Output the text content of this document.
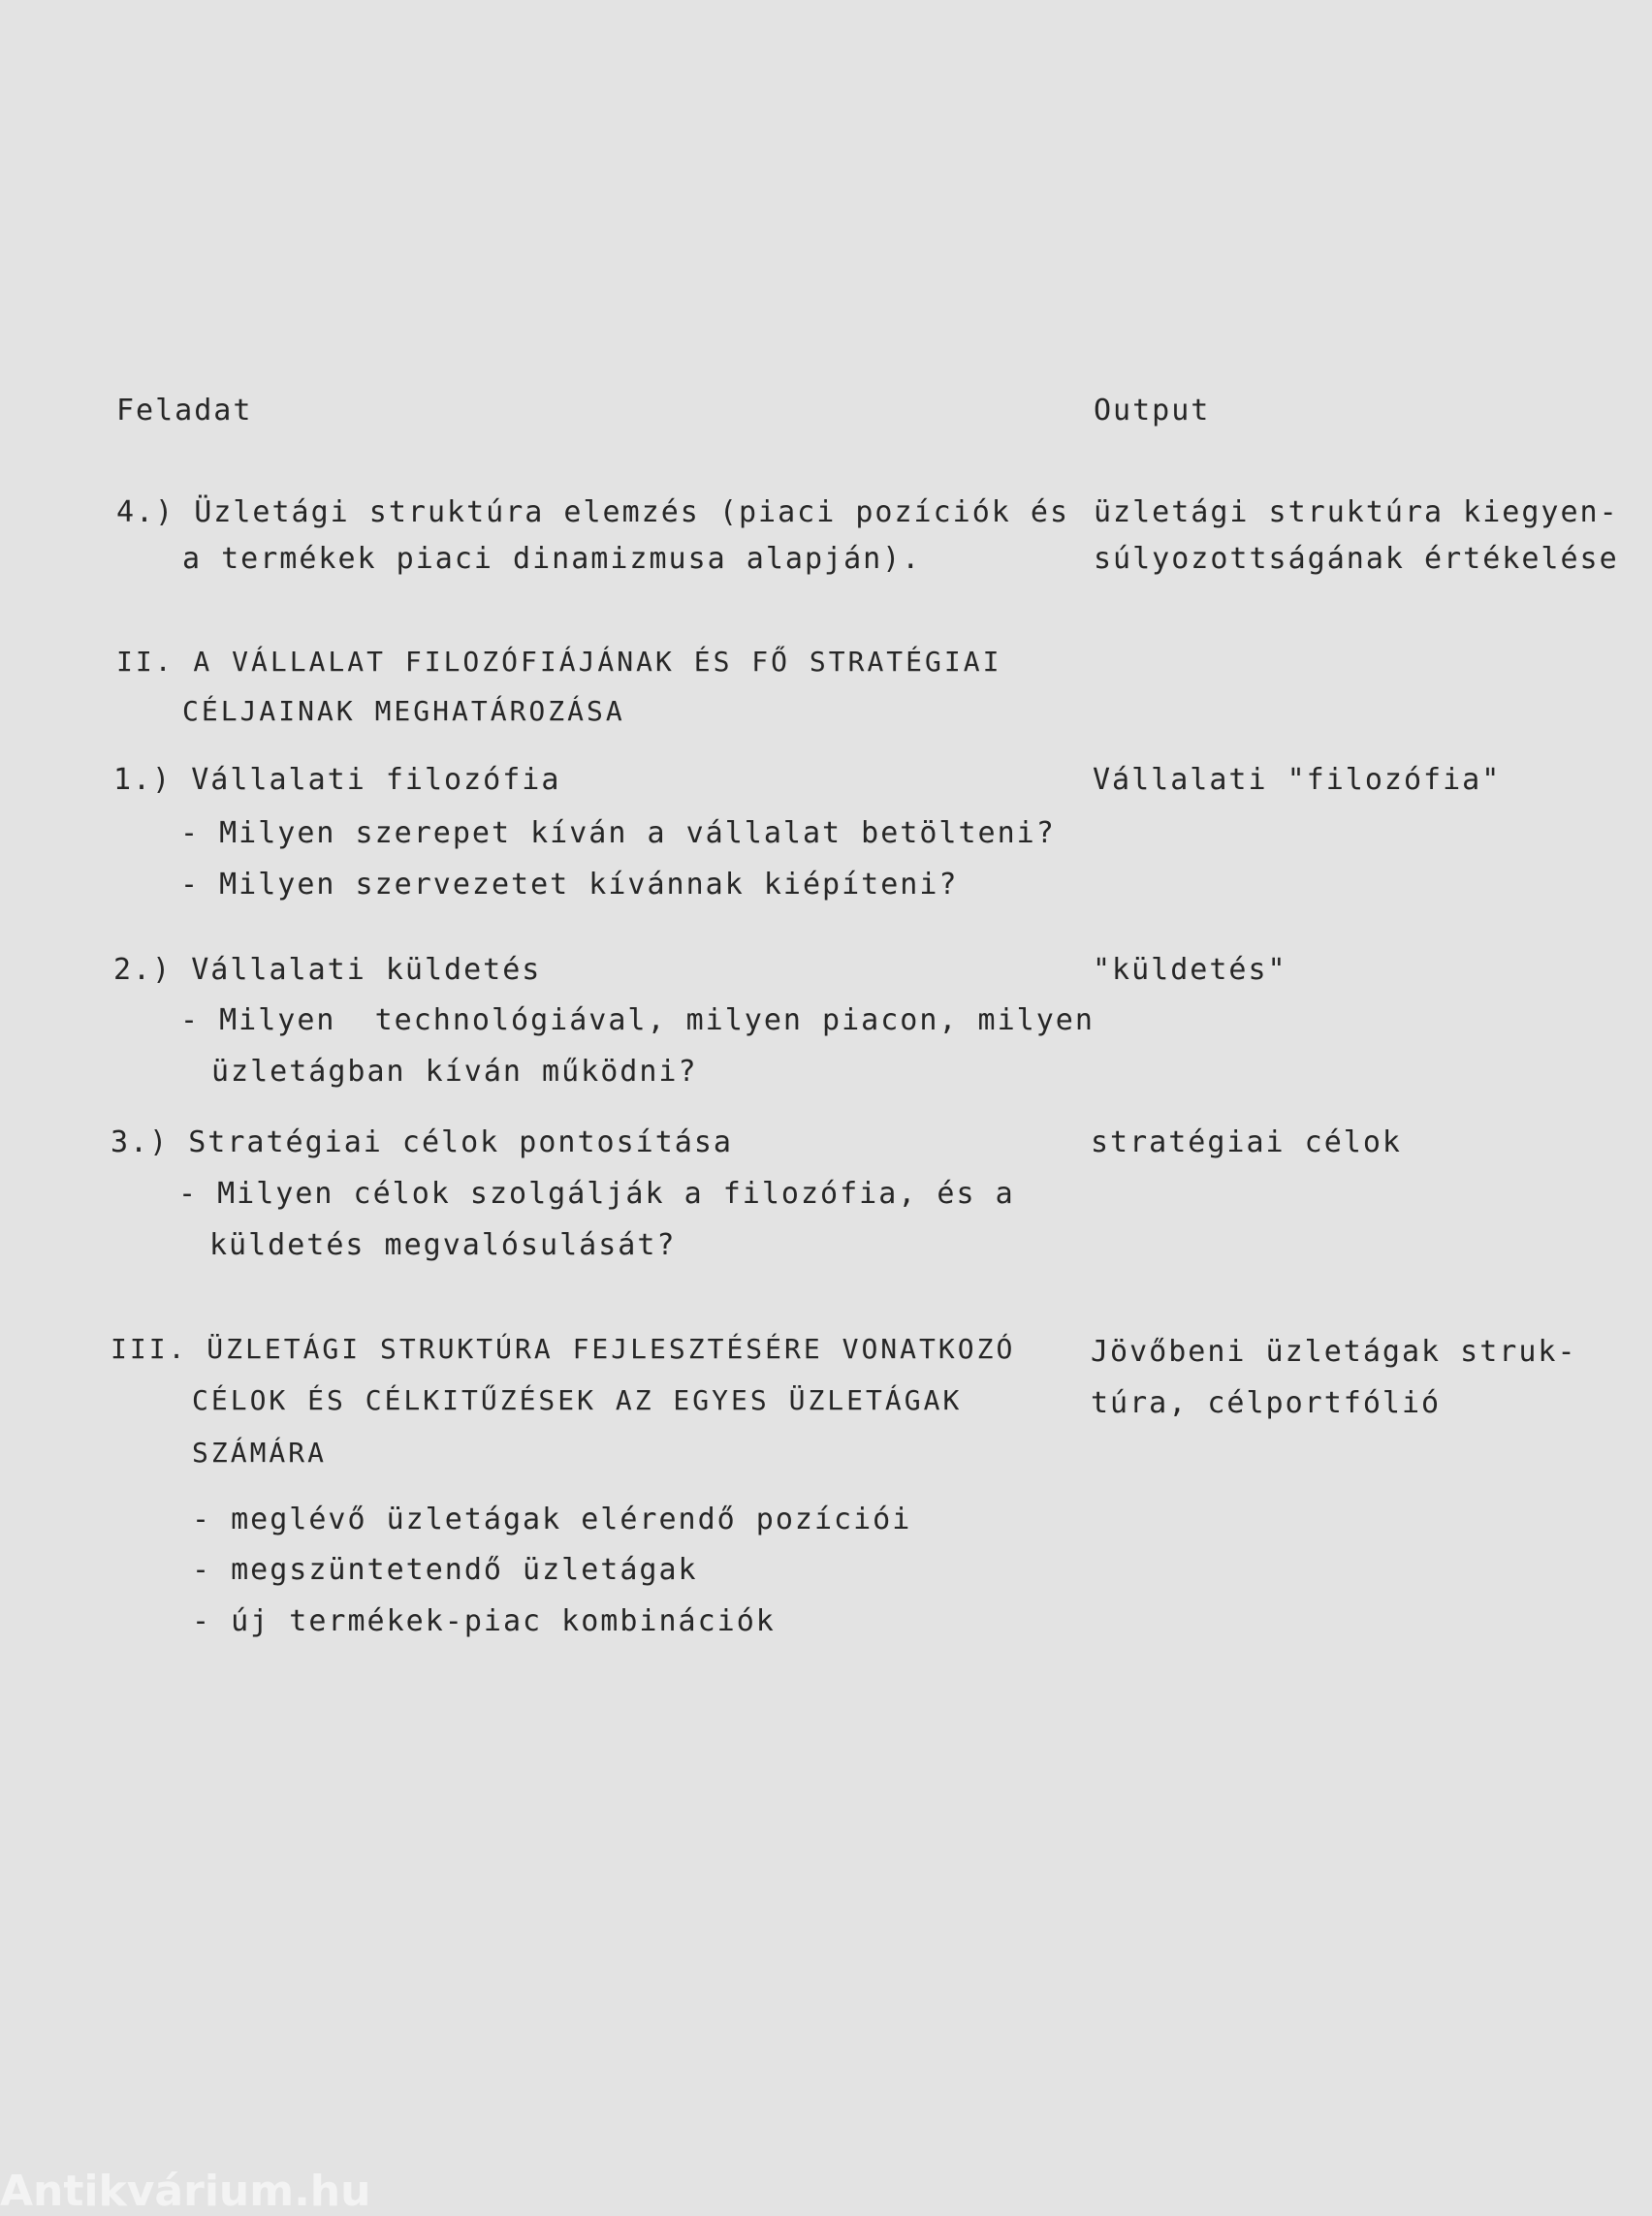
Feladat	Output
4.) Üzletági struktúra elemzés (piaci pozíciók és
a termékek piaci dinamizmusa alapján).
üzletági struktúra kiegyen-
súlyozottságának értékelése
II. A VÁLLALAT FILOZÓFIÁJÁNAK ÉS FŐ STRATÉGIAI
CÉLJAINAK MEGHATÁROZÁSA
1.) Vállalati filozófia
- Milyen szerepet kíván a vállalat betölteni?
- Milyen szervezetet kívánnak kiépíteni?
Vállalati "filozófia"
2.) Vállalati küldetés
- Milyen  technológiával, milyen piacon, milyen
üzletágban kíván működni?
"küldetés"
3.) Stratégiai célok pontosítása
- Milyen célok szolgálják a filozófia, és a
küldetés megvalósulását?
stratégiai célok
III. ÜZLETÁGI STRUKTÚRA FEJLESZTÉSÉRE VONATKOZÓ
CÉLOK ÉS CÉLKITŰZÉSEK AZ EGYES ÜZLETÁGAK
SZÁMÁRA
- meglévő üzletágak elérendő pozíciói
- megszüntetendő üzletágak
- új termékek-piac kombinációk
Jövőbeni üzletágak struk-
túra, célportfólió
Antikvárium.hu
